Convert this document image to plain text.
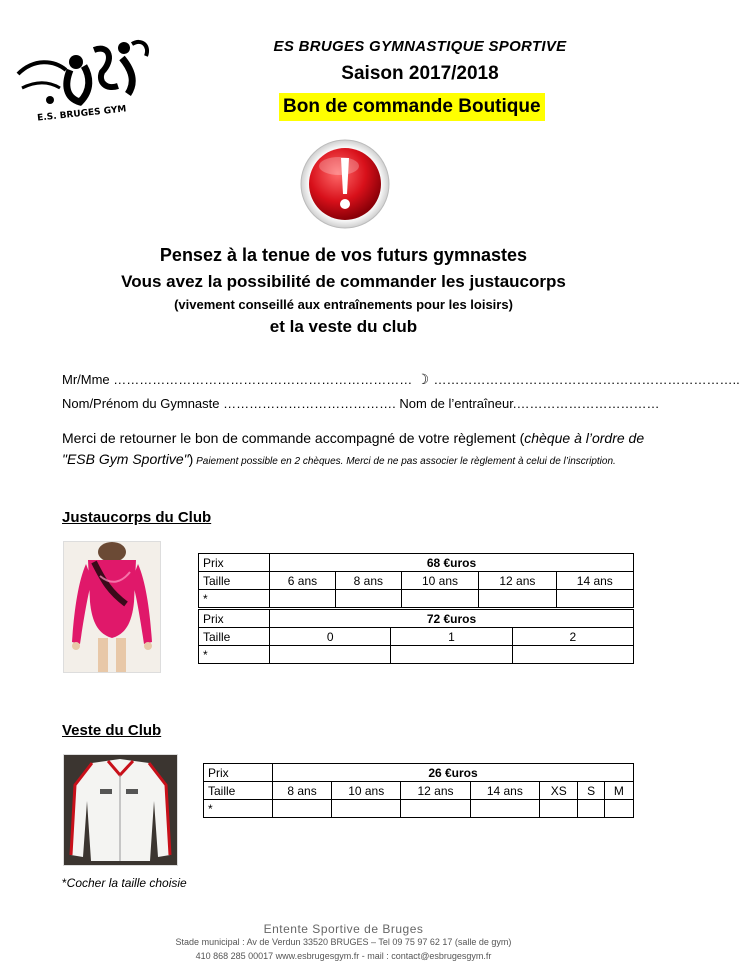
E.S. BRUGES GYM
ES BRUGES GYMNASTIQUE SPORTIVE
Saison 2017/2018
Bon de commande Boutique
Pensez à la tenue de vos futurs gymnastes
Vous avez la possibilité de commander les justaucorps
(vivement conseillé aux entraînements pour les loisirs)
et la veste du club
Mr/Mme …………………………………………………………… ☽ ……………………………………………………………..
Nom/Prénom du Gymnaste …………………………………. Nom de l’entraîneur.……………………………
Merci de retourner le bon de commande accompagné de votre règlement (chèque à l’ordre de "ESB Gym Sportive") Paiement possible en 2 chèques. Merci de ne pas associer le règlement à celui de l’inscription.
Justaucorps du Club
Prix	68 €uros				
Taille	6 ans	8 ans	10 ans	12 ans	14 ans
*					
Prix	72 €uros		
Taille	0	1	2
*			
Veste du Club
Prix	26 €uros						
Taille	8 ans	10 ans	12 ans	14 ans	XS	S	M
*							
*Cocher la taille choisie
Entente Sportive de Bruges
Stade municipal : Av de Verdun 33520 BRUGES – Tel 09 75 97 62 17 (salle de gym)
410 868 285 00017 www.esbrugesgym.fr - mail : contact@esbrugesgym.fr
